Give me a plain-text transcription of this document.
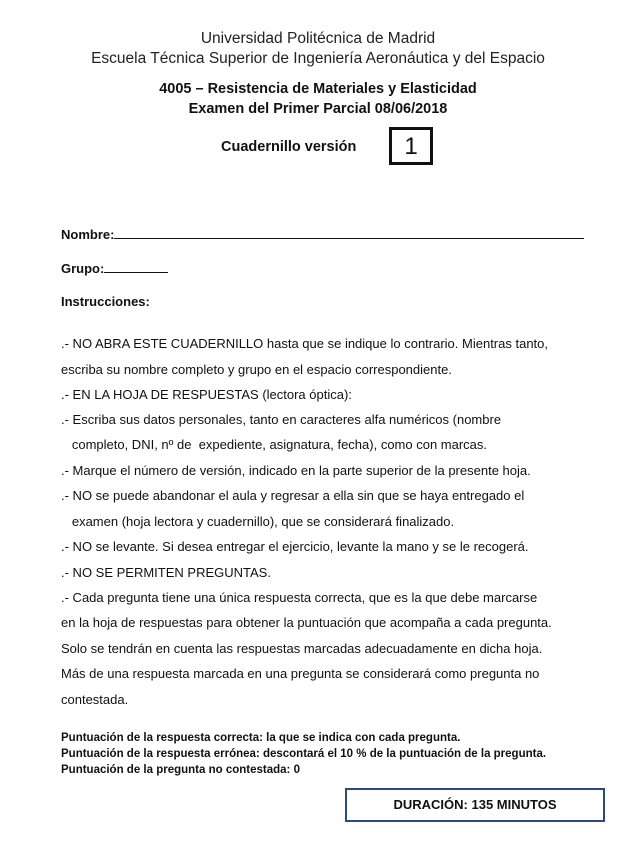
Universidad Politécnica de Madrid
Escuela Técnica Superior de Ingeniería Aeronáutica y del Espacio
4005 – Resistencia de Materiales y Elasticidad
Examen del Primer Parcial 08/06/2018
Cuadernillo versión	1
Nombre:
Grupo:
Instrucciones:
.- NO ABRA ESTE CUADERNILLO hasta que se indique lo contrario. Mientras tanto,
escriba su nombre completo y grupo en el espacio correspondiente.
.- EN LA HOJA DE RESPUESTAS (lectora óptica):
.- Escriba sus datos personales, tanto en caracteres alfa numéricos (nombre
completo, DNI, nº de  expediente, asignatura, fecha), como con marcas.
.- Marque el número de versión, indicado en la parte superior de la presente hoja.
.- NO se puede abandonar el aula y regresar a ella sin que se haya entregado el
examen (hoja lectora y cuadernillo), que se considerará finalizado.
.- NO se levante. Si desea entregar el ejercicio, levante la mano y se le recogerá.
.- NO SE PERMITEN PREGUNTAS.
.- Cada pregunta tiene una única respuesta correcta, que es la que debe marcarse
en la hoja de respuestas para obtener la puntuación que acompaña a cada pregunta.
Solo se tendrán en cuenta las respuestas marcadas adecuadamente en dicha hoja.
Más de una respuesta marcada en una pregunta se considerará como pregunta no
contestada.
Puntuación de la respuesta correcta: la que se indica con cada pregunta.
Puntuación de la respuesta errónea: descontará el 10 % de la puntuación de la pregunta.
Puntuación de la pregunta no contestada: 0
DURACIÓN: 135 MINUTOS
